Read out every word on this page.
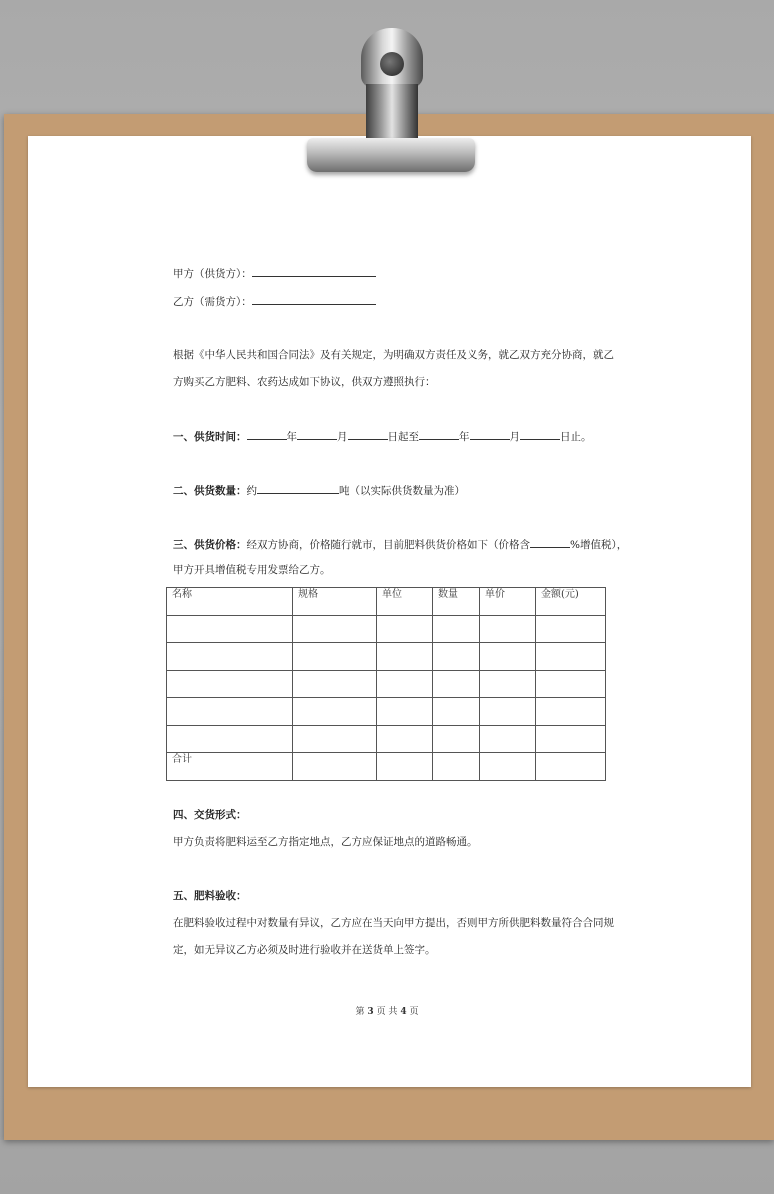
甲方（供货方）：
乙方（需货方）：
根据《中华人民共和国合同法》及有关规定，为明确双方责任及义务，就乙双方充分协商，就乙
方购买乙方肥料、农药达成如下协议，供双方遵照执行：
一、供货时间：	年	月	日起至	年	月	日止。
二、供货数量：约	吨（以实际供货数量为准）
三、供货价格：经双方协商，价格随行就市，目前肥料供货价格如下（价格含	%增值税），
甲方开具增值税专用发票给乙方。
名称	规格	单位	数量	单价	金额(元)

合计					
四、交货形式：
甲方负责将肥料运至乙方指定地点，乙方应保证地点的道路畅通。
五、肥料验收：
在肥料验收过程中对数量有异议，乙方应在当天向甲方提出，否则甲方所供肥料数量符合合同规
定，如无异议乙方必须及时进行验收并在送货单上签字。
第 3 页 共 4 页
